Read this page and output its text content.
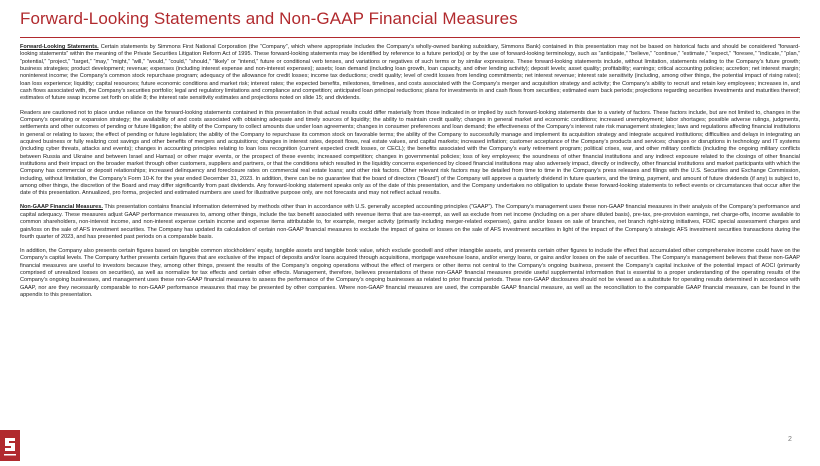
Forward-Looking Statements and Non-GAAP Financial Measures

Forward-Looking Statements. Certain statements by Simmons First National Corporation (the “Company”, which where appropriate includes the Company’s wholly-owned banking subsidiary, Simmons Bank) contained in this presentation may not be based on historical facts and should be considered “forward-looking statements” within the meaning of the Private Securities Litigation Reform Act of 1995. These forward-looking statements may be identified by reference to a future period(s) or by the use of forward-looking terminology, such as “anticipate,” “believe,” “continue,” “estimate,” “expect,” “foresee,” “indicate,” “plan,” “potential,” “project,” “target,” “may,” “might,” “will,” “would,” “could,” “should,” “likely” or “intend,” future or conditional verb tenses, and variations or negatives of such terms or by similar expressions. These forward-looking statements include, without limitation, statements relating to the Company’s future growth; business strategies; product development; revenue; expenses (including interest expense and non-interest expenses); assets; loan demand (including loan growth, loan capacity, and other lending activity); deposit levels; asset quality; profitability; earnings; critical accounting policies; accretion; net interest margin; noninterest income; the Company’s common stock repurchase program; adequacy of the allowance for credit losses; income tax deductions; credit quality; level of credit losses from lending commitments; net interest revenue; interest rate sensitivity (including, among other things, the potential impact of rising rates); loan loss experience; liquidity; capital resources; future economic conditions and market risk; interest rates; the expected benefits, milestones, timelines, and costs associated with the Company’s merger and acquisition strategy and activity; the Company’s ability to recruit and retain key employees; increases in, and cash flows associated with, the Company’s securities portfolio; legal and regulatory limitations and compliance and competition; anticipated loan principal reductions; plans for investments in and cash flows from securities; estimated earn back periods; projections regarding securities investments and maturities thereof; estimates of future swap income set forth on slide 8; the interest rate sensitivity estimates and projections noted on slide 15; and dividends.

Readers are cautioned not to place undue reliance on the forward-looking statements contained in this presentation in that actual results could differ materially from those indicated in or implied by such forward-looking statements due to a variety of factors. These factors include, but are not limited to, changes in the Company’s operating or expansion strategy; the availability of and costs associated with obtaining adequate and timely sources of liquidity; the ability to maintain credit quality; changes in general market and economic conditions; increased unemployment; labor shortages; possible adverse rulings, judgments, settlements and other outcomes of pending or future litigation; the ability of the Company to collect amounts due under loan agreements; changes in consumer preferences and loan demand; the effectiveness of the Company’s interest rate risk management strategies; laws and regulations affecting financial institutions in general or relating to taxes; the effect of pending or future legislation; the ability of the Company to repurchase its common stock on favorable terms; the ability of the Company to successfully manage and implement its acquisition strategy and integrate acquired institutions; difficulties and delays in integrating an acquired business or fully realizing cost savings and other benefits of mergers and acquisitions; changes in interest rates, deposit flows, real estate values, and capital markets; increased inflation; customer acceptance of the Company’s products and services; changes or disruptions in technology and IT systems (including cyber threats, attacks and events); changes in accounting principles relating to loan loss recognition (current expected credit losses, or CECL); the benefits associated with the Company’s early retirement program; political crises, war, and other military conflicts (including the ongoing military conflicts between Russia and Ukraine and between Israel and Hamas) or other major events, or the prospect of these events; increased competition; changes in governmental policies; loss of key employees; the soundness of other financial institutions and any indirect exposure related to the closings of other financial institutions and their impact on the broader market through other customers, suppliers and partners, or that the conditions which resulted in the liquidity concerns experienced by closed financial institutions may also adversely impact, directly or indirectly, other financial institutions and market participants with which the Company has commercial or deposit relationships; increased delinquency and foreclosure rates on commercial real estate loans; and other risk factors. Other relevant risk factors may be detailed from time to time in the Company’s press releases and filings with the U.S. Securities and Exchange Commission, including, without limitation, the Company’s Form 10-K for the year ended December 31, 2023. In addition, there can be no guarantee that the board of directors (“Board”) of the Company will approve a quarterly dividend in future quarters, and the timing, payment, and amount of future dividends (if any) is subject to, among other things, the discretion of the Board and may differ significantly from past dividends. Any forward-looking statement speaks only as of the date of this presentation, and the Company undertakes no obligation to update these forward-looking statements to reflect events or circumstances that occur after the date of this presentation. Annualized, pro forma, projected and estimated numbers are used for illustrative purpose only, are not forecasts and may not reflect actual results.

Non-GAAP Financial Measures. This presentation contains financial information determined by methods other than in accordance with U.S. generally accepted accounting principles (“GAAP”). The Company’s management uses these non-GAAP financial measures in their analysis of the Company’s performance and capital adequacy. These measures adjust GAAP performance measures to, among other things, include the tax benefit associated with revenue items that are tax-exempt, as well as exclude from net income (including on a per share diluted basis), pre-tax, pre-provision earnings, net charge-offs, income available to common shareholders, non-interest income, and non-interest expense certain income and expense items attributable to, for example, merger activity (primarily including merger-related expenses), gains and/or losses on sale of branches, net branch right-sizing initiatives, FDIC special assessment charges and gain/loss on the sale of AFS investment securities. The Company has updated its calculation of certain non-GAAP financial measures to exclude the impact of gains or losses on the sale of AFS investment securities in light of the impact of the Company’s strategic AFS investment securities transactions during the fourth quarter of 2023, and has presented past periods on a comparable basis.

In addition, the Company also presents certain figures based on tangible common stockholders’ equity, tangible assets and tangible book value, which exclude goodwill and other intangible assets, and presents certain other figures to include the effect that accumulated other comprehensive income could have on the Company’s capital levels. The Company further presents certain figures that are exclusive of the impact of deposits and/or loans acquired through acquisitions, mortgage warehouse loans, and/or energy loans, or gains and/or losses on the sale of securities. The Company’s management believes that these non-GAAP financial measures are useful to investors because they, among other things, present the results of the Company’s ongoing operations without the effect of mergers or other items not central to the Company’s ongoing business, present the Company’s capital inclusive of the potential impact of AOCI (primarily comprised of unrealized losses on securities), as well as normalize for tax effects and certain other effects. Management, therefore, believes presentations of these non-GAAP financial measures provide useful supplemental information that is essential to a proper understanding of the operating results of the Company’s ongoing businesses, and management uses these non-GAAP financial measures to assess the performance of the Company’s ongoing businesses as related to prior financial periods. These non-GAAP disclosures should not be viewed as a substitute for operating results determined in accordance with GAAP, nor are they necessarily comparable to non-GAAP performance measures that may be presented by other companies. Where non-GAAP financial measures are used, the comparable GAAP financial measure, as well as the reconciliation to the comparable GAAP financial measure, can be found in the appendix to this presentation.

2
